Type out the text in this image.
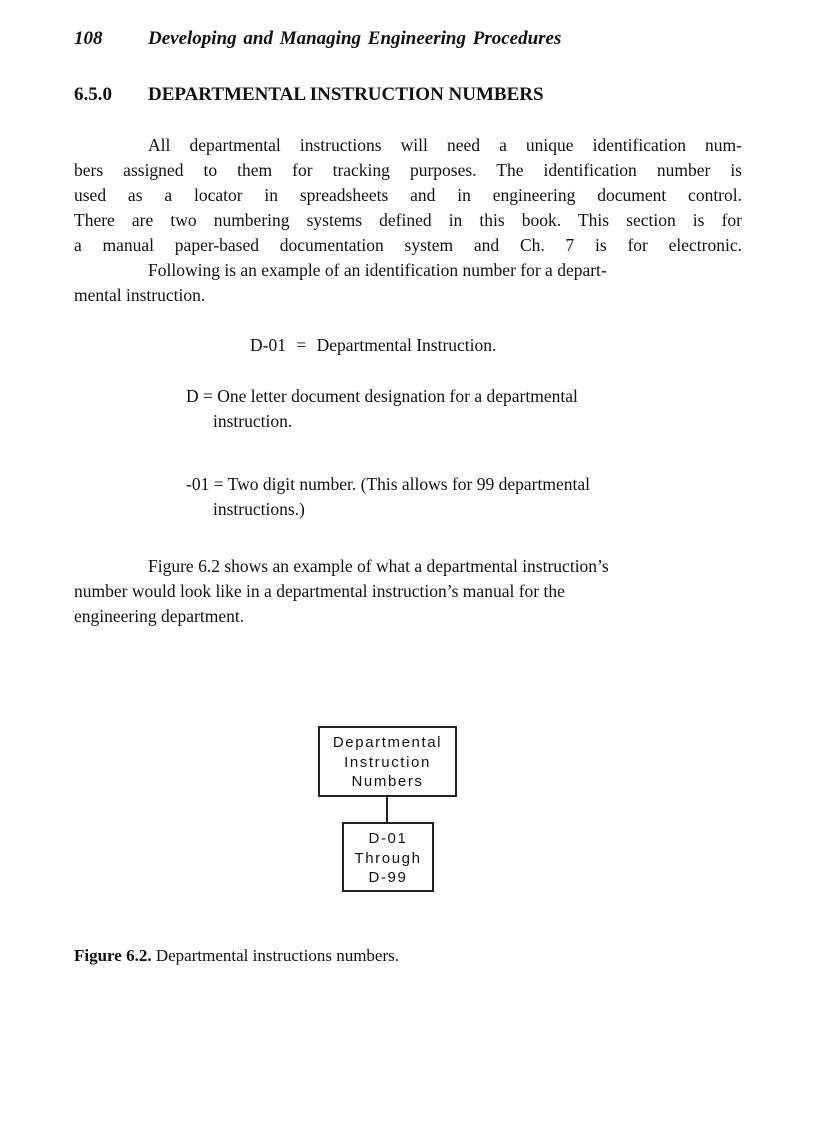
108 Developing and Managing Engineering Procedures
6.5.0 DEPARTMENTAL INSTRUCTION NUMBERS
All departmental instructions will need a unique identification num-
bers assigned to them for tracking purposes. The identification number is
used as a locator in spreadsheets and in engineering document control.
There are two numbering systems defined in this book. This section is for
a manual paper-based documentation system and Ch. 7 is for electronic.
Following is an example of an identification number for a depart-
mental instruction.
D-01 = Departmental Instruction.
D = One letter document designation for a departmental
instruction.
-01 = Two digit number. (This allows for 99 departmental
instructions.)
Figure 6.2 shows an example of what a departmental instruction’s
number would look like in a departmental instruction’s manual for the
engineering department.
Departmental
Instruction
Numbers
D-01
Through
D-99
Figure 6.2. Departmental instructions numbers.
